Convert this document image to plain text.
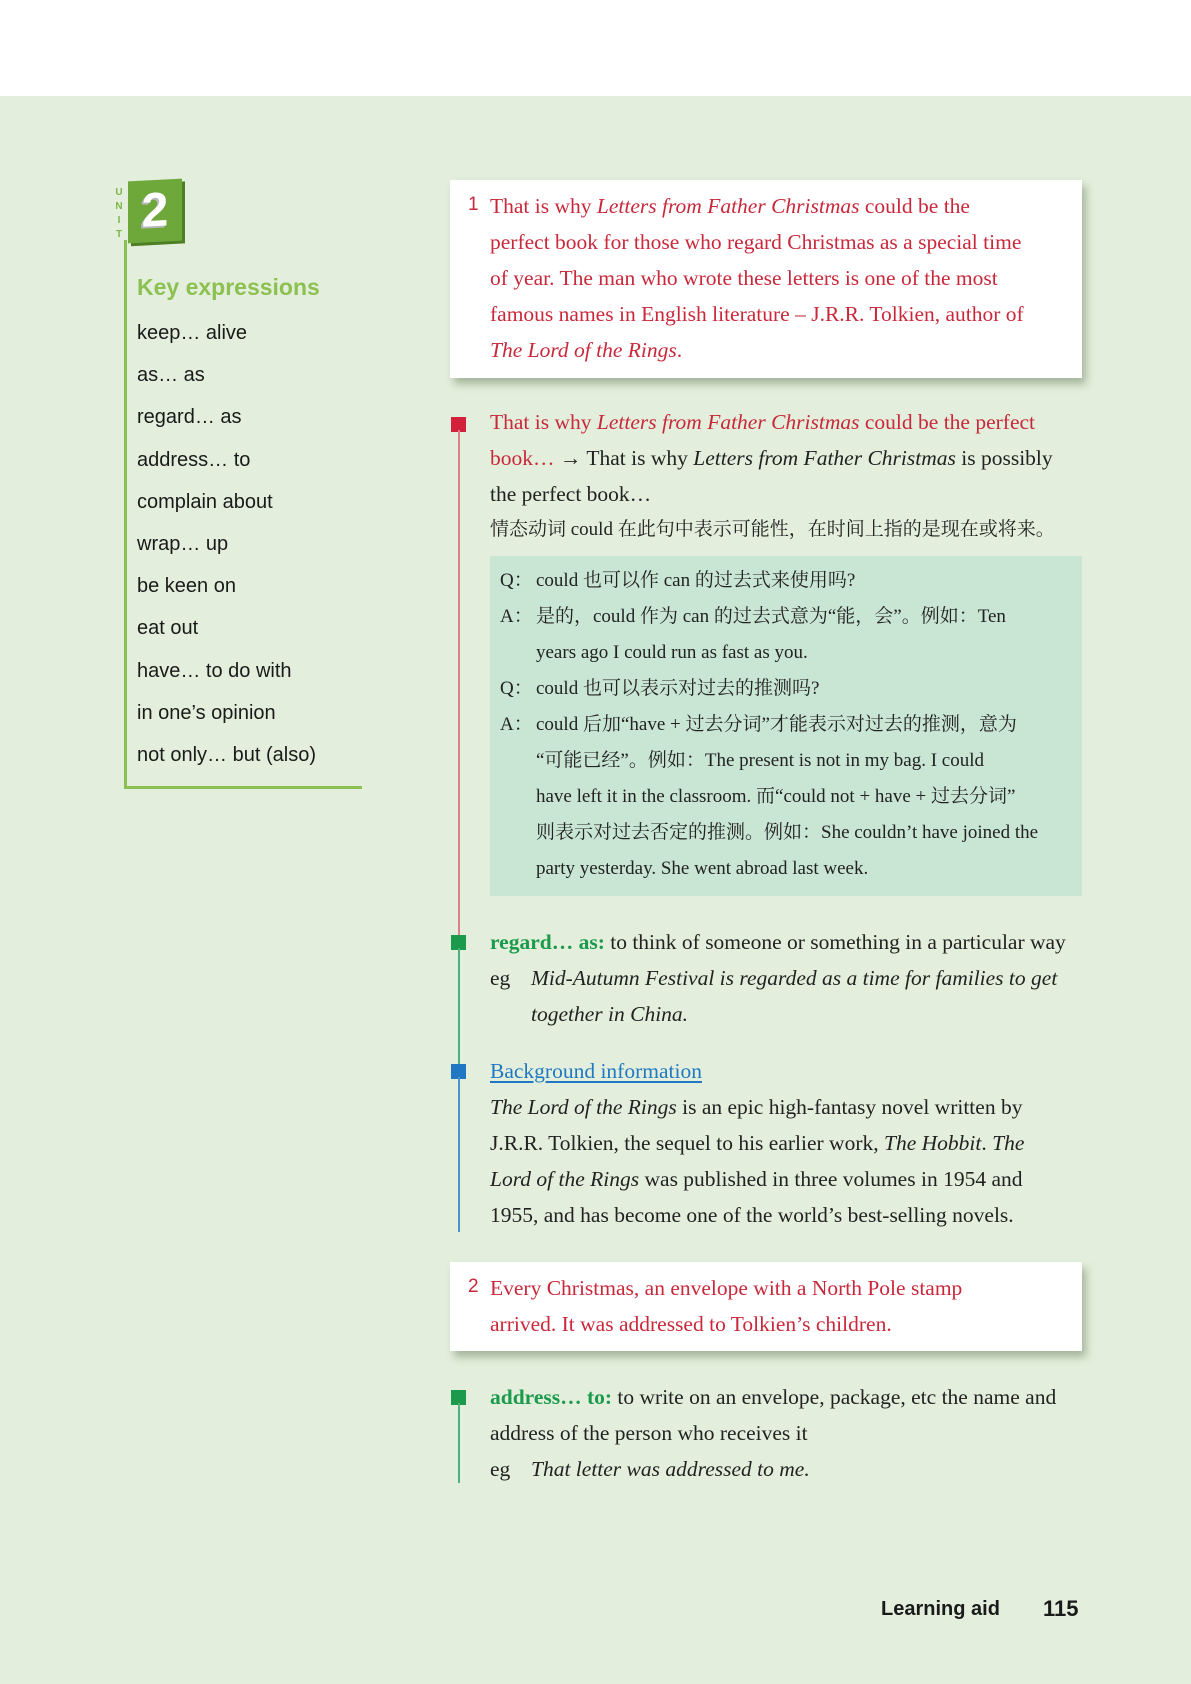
U
N
I
T 2
Key expressions
keep… alive
as… as
regard… as
address… to
complain about
wrap… up
be keen on
eat out
have… to do with
in one’s opinion
not only… but (also)
1 That is why Letters from Father Christmas could be the
perfect book for those who regard Christmas as a special time
of year. The man who wrote these letters is one of the most
famous names in English literature – J.R.R. Tolkien, author of
The Lord of the Rings.
That is why Letters from Father Christmas could be the perfect
book… → That is why Letters from Father Christmas is possibly
the perfect book…
情态动词 could 在此句中表示可能性，在时间上指的是现在或将来。
Q： could 也可以作 can 的过去式来使用吗?
A： 是的，could 作为 can 的过去式意为“能，会”。例如：Ten
years ago I could run as fast as you.
Q： could 也可以表示对过去的推测吗?
A： could 后加“have + 过去分词”才能表示对过去的推测，意为
“可能已经”。例如：The present is not in my bag. I could
have left it in the classroom. 而“could not + have + 过去分词”
则表示对过去否定的推测。例如：She couldn’t have joined the
party yesterday. She went abroad last week.
regard… as: to think of someone or something in a particular way
eg Mid-Autumn Festival is regarded as a time for families to get
together in China.
Background information
The Lord of the Rings is an epic high-fantasy novel written by
J.R.R. Tolkien, the sequel to his earlier work, The Hobbit. The
Lord of the Rings was published in three volumes in 1954 and
1955, and has become one of the world’s best-selling novels.
2 Every Christmas, an envelope with a North Pole stamp
arrived. It was addressed to Tolkien’s children.
address… to: to write on an envelope, package, etc the name and
address of the person who receives it
eg That letter was addressed to me.
Learning aid 115
